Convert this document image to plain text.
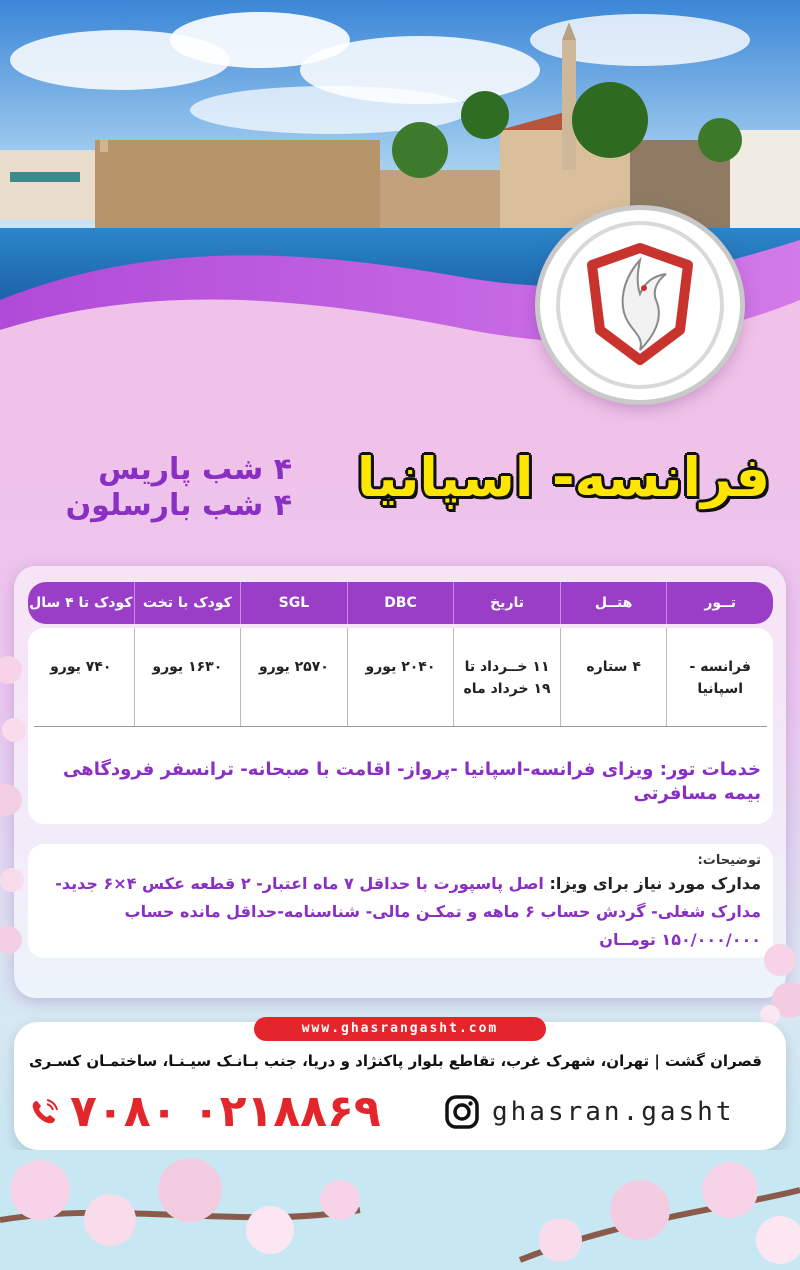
فرانسه- اسپانیا
۴ شب پاریس
۴ شب بارسلون
تــور
هتــل
تاریخ
DBC
SGL
کودک با تخت
کودک تا ۴ سال
فرانسه - اسپانیا
۴ ستاره
۱۱ خــرداد تا ۱۹ خرداد ماه
۲۰۴۰ یورو
۲۵۷۰ یورو
۱۶۳۰ یورو
۷۴۰ یورو
خدمات تور: ویزای فرانسه-اسپانیا -پرواز- اقامت با صبحانه- ترانسفر فرودگاهی بیمه مسافرتی
توضیحات:
مدارک مورد نیاز برای ویزا: اصل پاسپورت با حداقل ۷ ماه اعتبار- ۲ قطعه عکس ۴×۶ جدید- مدارک شغلی- گردش حساب ۶ ماهه و تمکـن مالی- شناسنامه-حداقل مانده حساب ۱۵۰/۰۰۰/۰۰۰ تومــان
www.ghasrangasht.com
قصران گشت | تهران، شهرک غرب، تقاطع بلوار پاکنژاد و دریا، جنب بـانـک سیـنـا، ساختمـان کسـری
۰۲۱۸۸۶۹ ۷۰۸۰	ghasran.gasht
